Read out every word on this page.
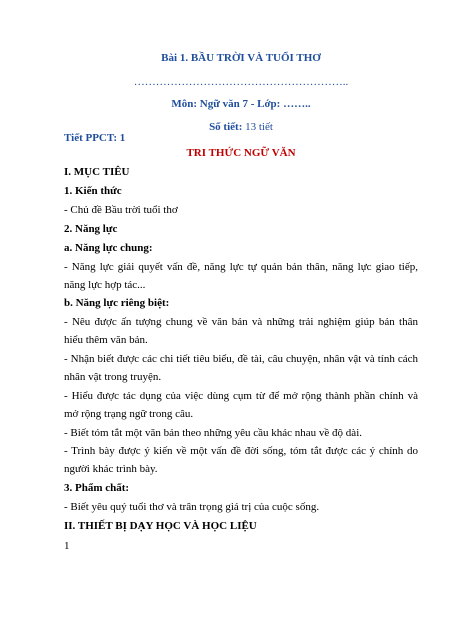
Bài 1. BẦU TRỜI VÀ TUỔI THƠ
…………………………………………………..
Môn: Ngữ văn 7 - Lớp: ……..
Số tiết: 13 tiết
Tiết PPCT: 1
TRI THỨC NGỮ VĂN
I. MỤC TIÊU
1. Kiến thức
- Chủ đề Bầu trời tuổi thơ
2. Năng lực
a. Năng lực chung:
- Năng lực giải quyết vấn đề, năng lực tự quản bản thân, năng lực giao tiếp,
năng lực hợp tác...
b. Năng lực riêng biệt:
- Nêu được ấn tượng chung về văn bản và những trải nghiệm giúp bản thân
hiểu thêm văn bản.
- Nhận biết được các chi tiết tiêu biểu, đề tài, câu chuyện, nhân vật và tính cách
nhân vật trong truyện.
- Hiểu được tác dụng của việc dùng cụm từ để mở rộng thành phần chính và
mở rộng trạng ngữ trong câu.
- Biết tóm tắt một văn bản theo những yêu cầu khác nhau về độ dài.
- Trình bày được ý kiến về một vấn đề đời sống, tóm tắt được các ý chính do
người khác trình bày.
3. Phẩm chất:
- Biết yêu quý tuổi thơ và trân trọng giá trị của cuộc sống.
II. THIẾT BỊ DẠY HỌC VÀ HỌC LIỆU
1
